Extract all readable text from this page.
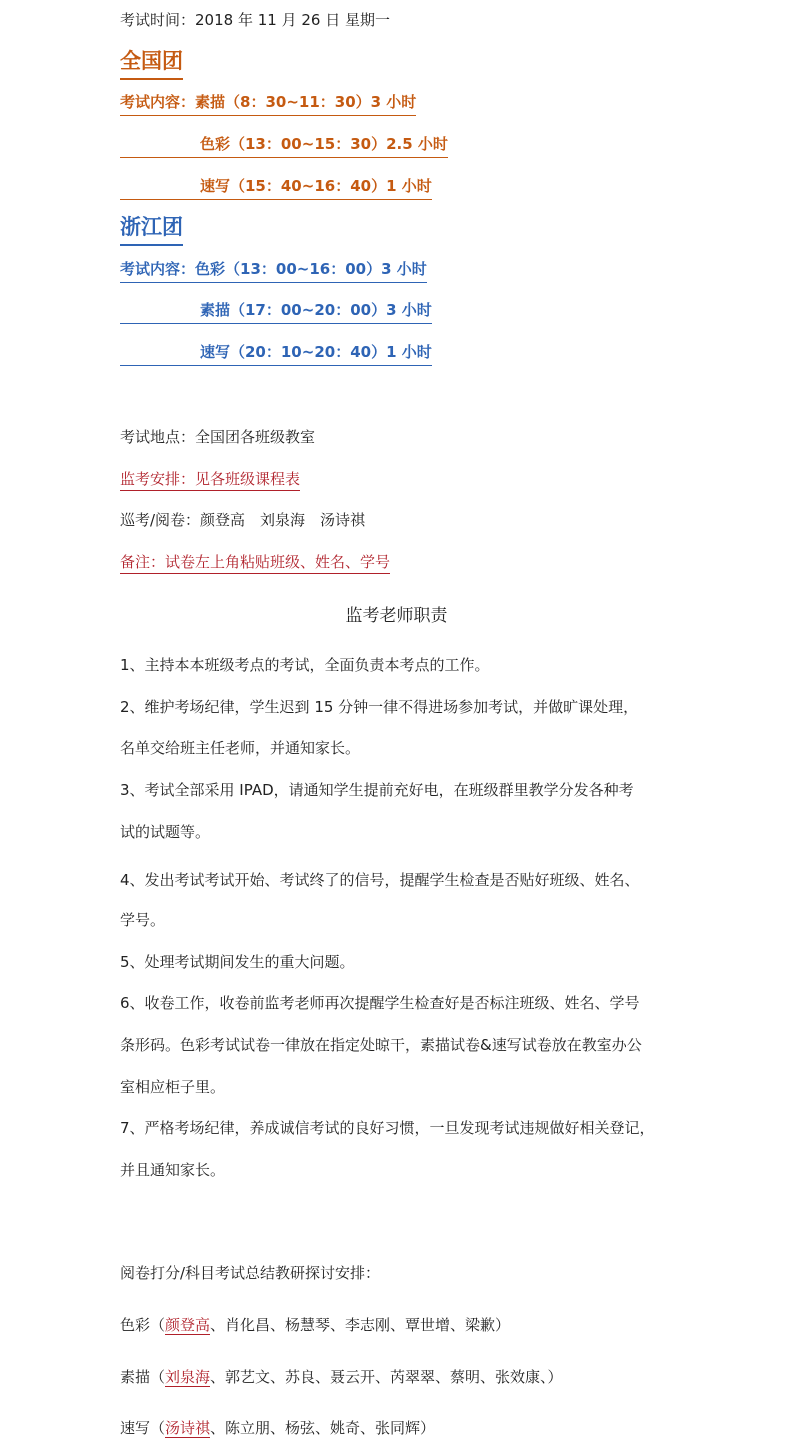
考试时间：2018 年 11 月 26 日 星期一
全国团
考试内容：素描（8：30~11：30）3 小时
色彩（13：00~15：30）2.5 小时
速写（15：40~16：40）1 小时
浙江团
考试内容：色彩（13：00~16：00）3 小时
素描（17：00~20：00）3 小时
速写（20：10~20：40）1 小时
考试地点：全国团各班级教室
监考安排：见各班级课程表
巡考/阅卷：颜登高　刘泉海　汤诗祺
备注：试卷左上角粘贴班级、姓名、学号
监考老师职责
1、主持本本班级考点的考试，全面负责本考点的工作。
2、维护考场纪律，学生迟到 15 分钟一律不得进场参加考试，并做旷课处理，
名单交给班主任老师，并通知家长。
3、考试全部采用 IPAD，请通知学生提前充好电，在班级群里教学分发各种考
试的试题等。
4、发出考试考试开始、考试终了的信号，提醒学生检查是否贴好班级、姓名、
学号。
5、处理考试期间发生的重大问题。
6、收卷工作，收卷前监考老师再次提醒学生检查好是否标注班级、姓名、学号
条形码。色彩考试试卷一律放在指定处晾干，素描试卷&速写试卷放在教室办公
室相应柜子里。
7、严格考场纪律，养成诚信考试的良好习惯，一旦发现考试违规做好相关登记，
并且通知家长。
阅卷打分/科目考试总结教研探讨安排：
色彩（颜登高、肖化昌、杨慧琴、李志刚、覃世增、梁歉）
素描（刘泉海、郭艺文、苏良、聂云开、芮翠翠、蔡明、张效康、）
速写（汤诗祺、陈立朋、杨弦、姚奇、张同辉）
